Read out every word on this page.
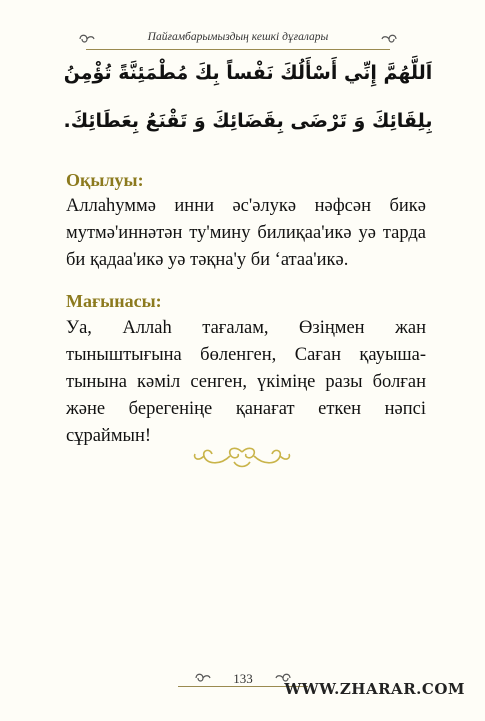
Пайғамбарымыздың кешкі дұғалары
اَللَّهُمَّ إِنِّي أَسْأَلُكَ نَفْساً بِكَ مُطْمَئِنَّةً تُؤْمِنُ
بِلِقَائِكَ وَ تَرْضَى بِقَضَائِكَ وَ تَقْنَعُ بِعَطَائِكَ.
Оқылуы:
Аллаһуммә инни әс'әлукә нәфсән бикә мутмә'иннәтән ту'мину билиқаа'икә уә тарда би қадаа'икә уә тәқна'у би ʻатаа'икә.
Мағынасы:
Уа, Аллаһ тағалам, Өзіңмен жан тыныштығына бөленген, Саған қауыша-тынына кәміл сенген, үкіміңе разы болған және берегеніңе қанағат еткен нәпсі сұраймын!
133
WWW.ZHARAR.COM
